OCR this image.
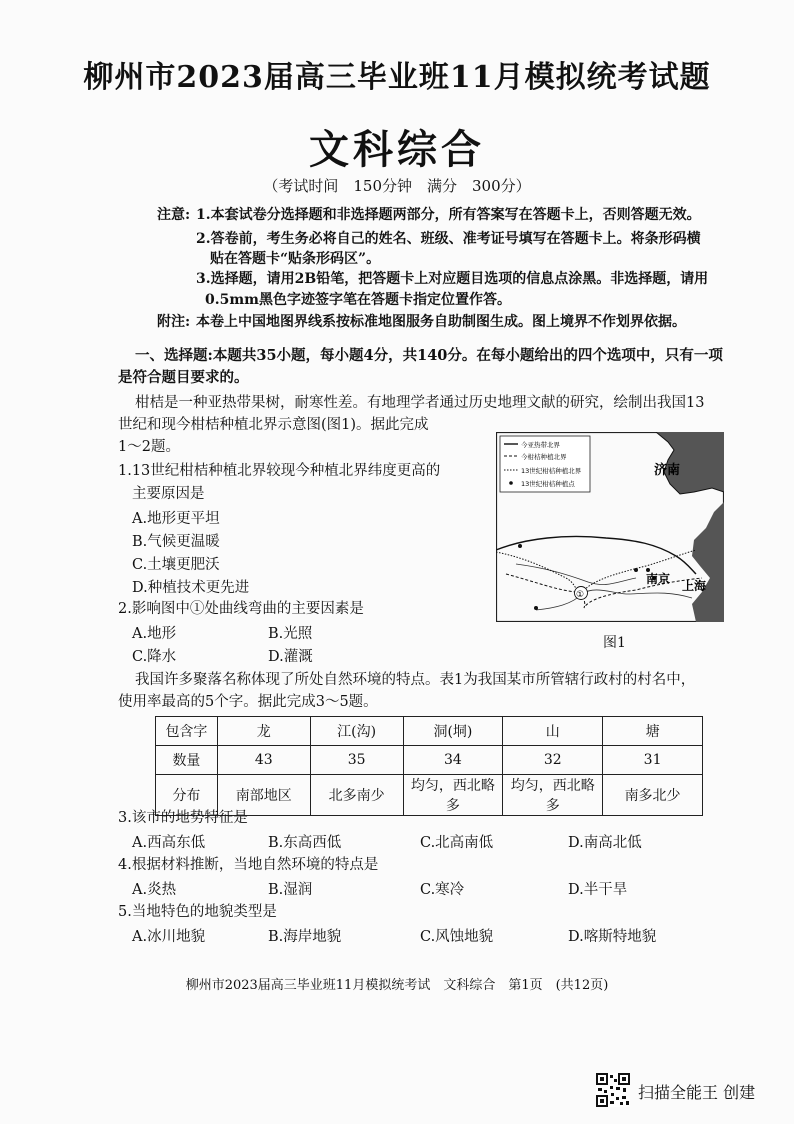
柳州市2023届高三毕业班11月模拟统考试题
文科综合
（考试时间　150分钟　满分　300分）
注意: 1.本套试卷分选择题和非选择题两部分，所有答案写在答题卡上，否则答题无效。
2.答卷前，考生务必将自己的姓名、班级、准考证号填写在答题卡上。将条形码横
贴在答题卡“贴条形码区”。
3.选择题，请用2B铅笔，把答题卡上对应题目选项的信息点涂黑。非选择题，请用
0.5mm黑色字迹签字笔在答题卡指定位置作答。
附注: 本卷上中国地图界线系按标准地图服务自助制图生成。图上境界不作划界依据。
一、选择题:本题共35小题，每小题4分，共140分。在每小题给出的四个选项中，只有一项
是符合题目要求的。
柑桔是一种亚热带果树，耐寒性差。有地理学者通过历史地理文献的研究，绘制出我国13
世纪和现今柑桔种植北界示意图(图1)。据此完成
1～2题。
1.13世纪柑桔种植北界较现今种植北界纬度更高的
主要原因是
A.地形更平坦
B.气候更温暖
C.土壤更肥沃
D.种植技术更先进
2.影响图中①处曲线弯曲的主要因素是
A.地形	B.光照
C.降水	D.灌溉
今亚热带北界
今柑桔种植北界
13世纪柑桔种植北界
13世纪柑桔种植点
济南
南京 上海
①
图1
我国许多聚落名称体现了所处自然环境的特点。表1为我国某市所管辖行政村的村名中，
使用率最高的5个字。据此完成3～5题。
包含字	龙	江(沟)	洞(垌)	山	塘
数量	43	35	34	32	31
分布	南部地区	北多南少	均匀，西北略多	均匀，西北略多	南多北少
3.该市的地势特征是
A.西高东低	B.东高西低	C.北高南低	D.南高北低
4.根据材料推断，当地自然环境的特点是
A.炎热	B.湿润	C.寒冷	D.半干旱
5.当地特色的地貌类型是
A.冰川地貌	B.海岸地貌	C.风蚀地貌	D.喀斯特地貌
柳州市2023届高三毕业班11月模拟统考试　文科综合　第1页　(共12页)
扫描全能王 创建
